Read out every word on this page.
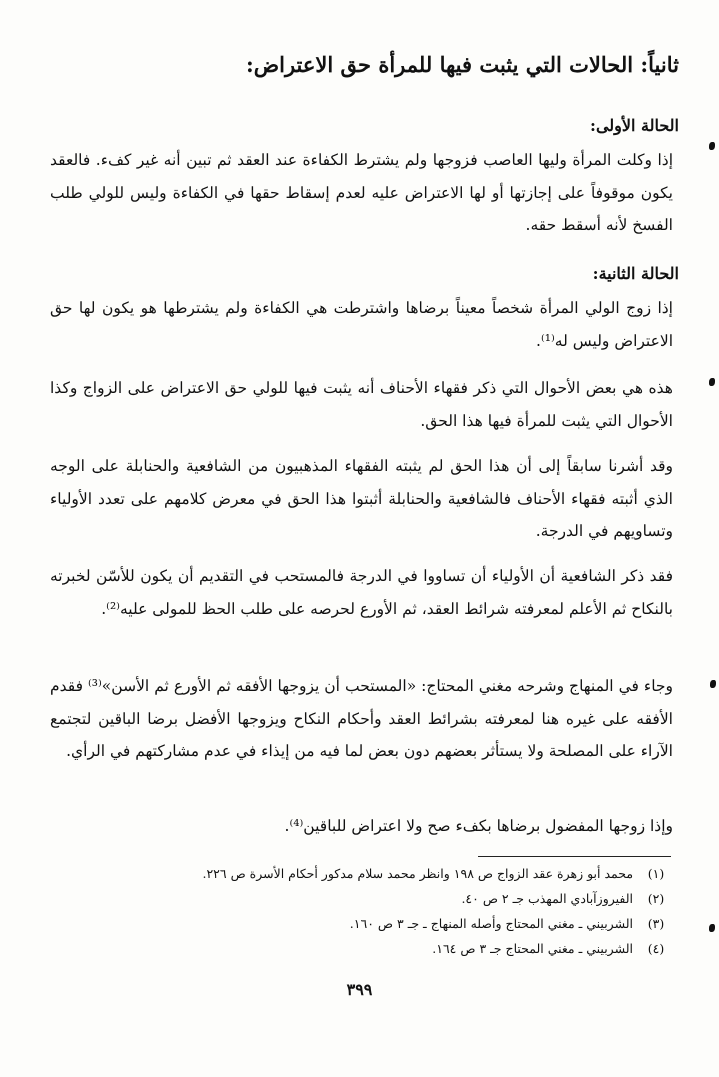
ثانياً: الحالات التي يثبت فيها للمرأة حق الاعتراض:
الحالة الأولى:
إذا وكلت المرأة وليها العاصب فزوجها ولم يشترط الكفاءة عند العقد ثم تبين أنه غير كفء. فالعقد يكون موقوفاً على إجازتها أو لها الاعتراض عليه لعدم إسقاط حقها في الكفاءة وليس للولي طلب الفسخ لأنه أسقط حقه.
الحالة الثانية:
إذا زوج الولي المرأة شخصاً معيناً برضاها واشترطت هي الكفاءة ولم يشترطها هو يكون لها حق الاعتراض وليس له⁽¹⁾.
هذه هي بعض الأحوال التي ذكر فقهاء الأحناف أنه يثبت فيها للولي حق الاعتراض على الزواج وكذا الأحوال التي يثبت للمرأة فيها هذا الحق.
وقد أشرنا سابقاً إلى أن هذا الحق لم يثبته الفقهاء المذهبيون من الشافعية والحنابلة على الوجه الذي أثبته فقهاء الأحناف فالشافعية والحنابلة أثبتوا هذا الحق في معرض كلامهم على تعدد الأولياء وتساويهم في الدرجة.
فقد ذكر الشافعية أن الأولياء أن تساووا في الدرجة فالمستحب في التقديم أن يكون للأسّن لخبرته بالنكاح ثم الأعلم لمعرفته شرائط العقد، ثم الأورع لحرصه على طلب الحظ للمولى عليه⁽²⁾.
وجاء في المنهاج وشرحه مغني المحتاج: «المستحب أن يزوجها الأفقه ثم الأورع ثم الأسن»⁽³⁾ فقدم الأفقه على غيره هنا لمعرفته بشرائط العقد وأحكام النكاح ويزوجها الأفضل برضا الباقين لتجتمع الآراء على المصلحة ولا يستأثر بعضهم دون بعض لما فيه من إيذاء في عدم مشاركتهم في الرأي.
وإذا زوجها المفضول برضاها بكفء صح ولا اعتراض للباقين⁽⁴⁾.
(١) محمد أبو زهرة عقد الزواج ص ١٩٨ وانظر محمد سلام مدكور أحكام الأسرة ص ٢٢٦.
(٢) الفيروزآبادي المهذب جـ ٢ ص ٤٠.
(٣) الشربيني ـ مغني المحتاج وأصله المنهاج ـ جـ ٣ ص ١٦٠.
(٤) الشربيني ـ مغني المحتاج جـ ٣ ص ١٦٤.
٣٩٩
